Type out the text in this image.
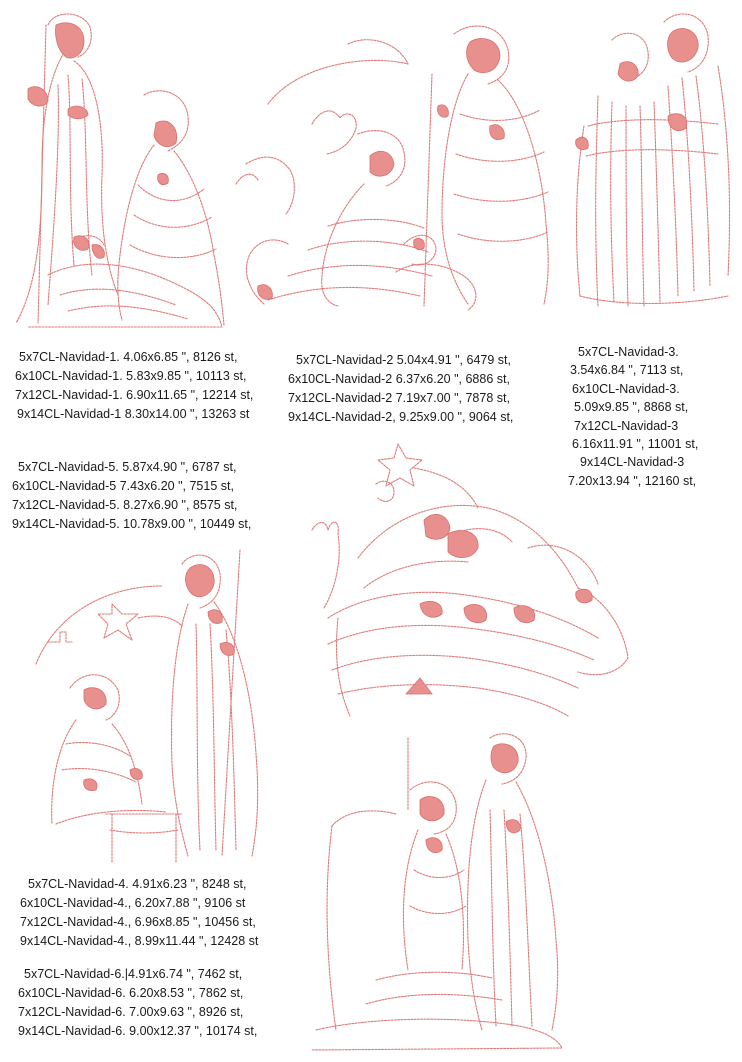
5x7CL-Navidad-1. 4.06x6.85 ", 8126 st,
6x10CL-Navidad-1. 5.83x9.85 ", 10113 st,
7x12CL-Navidad-1. 6.90x11.65 ", 12214 st,
9x14CL-Navidad-1 8.30x14.00 ", 13263 st
5x7CL-Navidad-2 5.04x4.91 ", 6479 st,
6x10CL-Navidad-2 6.37x6.20 ", 6886 st,
7x12CL-Navidad-2 7.19x7.00 ", 7878 st,
9x14CL-Navidad-2, 9.25x9.00 ", 9064 st,
5x7CL-Navidad-3.
3.54x6.84 ", 7113 st,
6x10CL-Navidad-3.
5.09x9.85 ", 8868 st,
7x12CL-Navidad-3
6.16x11.91 ", 11001 st,
9x14CL-Navidad-3
7.20x13.94 ", 12160 st,
5x7CL-Navidad-5. 5.87x4.90 ", 6787 st,
6x10CL-Navidad-5 7.43x6.20 ", 7515 st,
7x12CL-Navidad-5. 8.27x6.90 ", 8575 st,
9x14CL-Navidad-5. 10.78x9.00 ", 10449 st,
5x7CL-Navidad-4. 4.91x6.23 ", 8248 st,
6x10CL-Navidad-4., 6.20x7.88 ", 9106 st
7x12CL-Navidad-4., 6.96x8.85 ", 10456 st,
9x14CL-Navidad-4., 8.99x11.44 ", 12428 st
5x7CL-Navidad-6.|4.91x6.74 ", 7462 st,
6x10CL-Navidad-6. 6.20x8.53 ", 7862 st,
7x12CL-Navidad-6. 7.00x9.63 ", 8926 st,
9x14CL-Navidad-6. 9.00x12.37 ", 10174 st,
